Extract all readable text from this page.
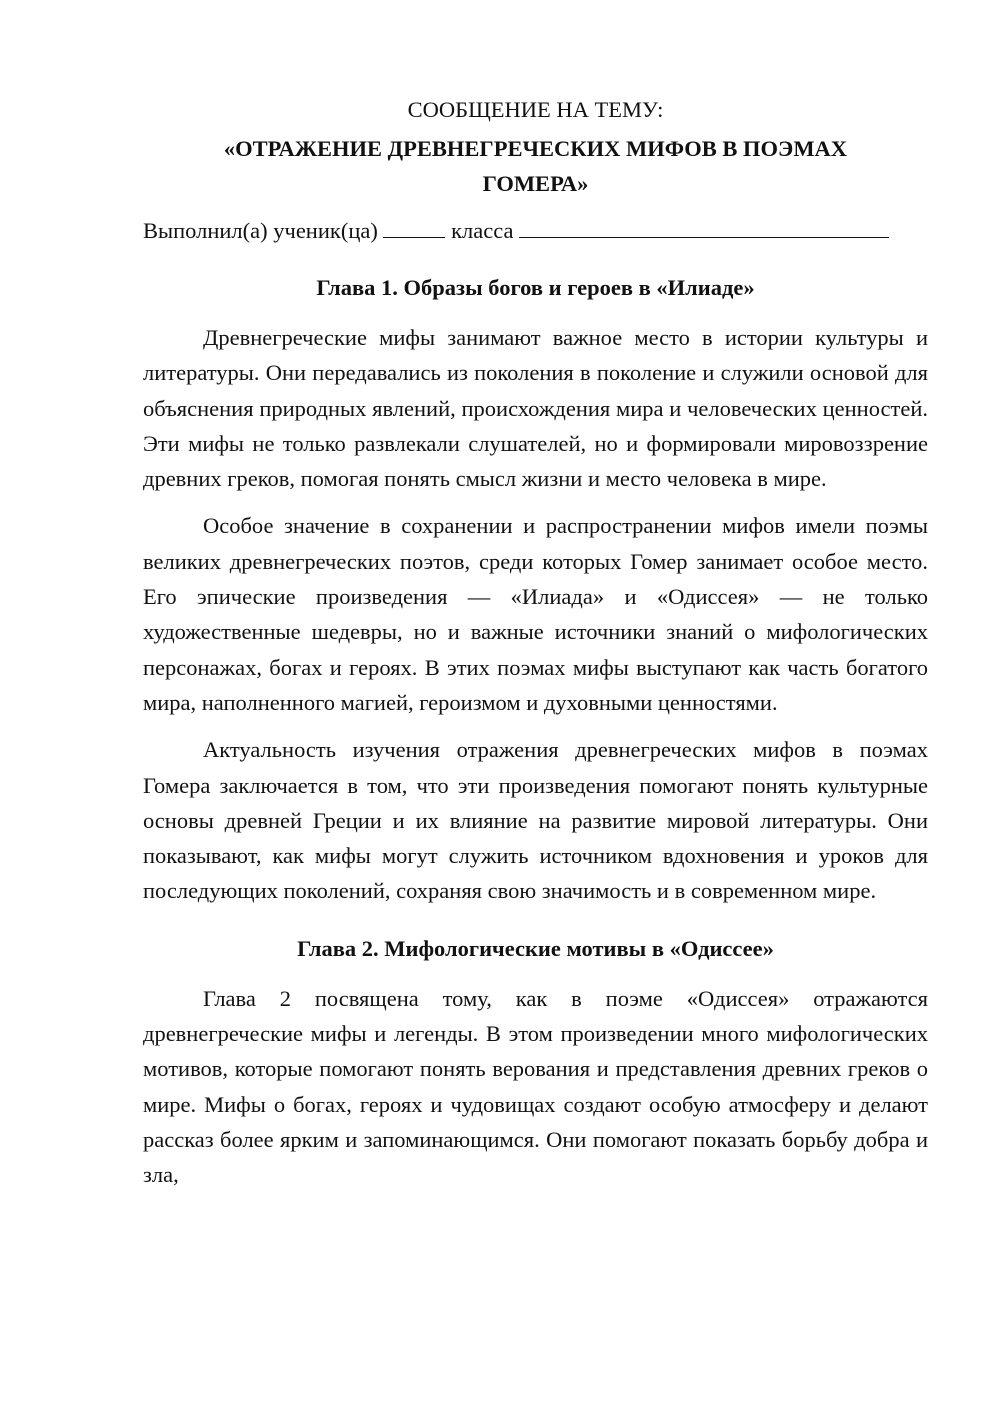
СООБЩЕНИЕ НА ТЕМУ:

«ОТРАЖЕНИЕ ДРЕВНЕГРЕЧЕСКИХ МИФОВ В ПОЭМАХ
ГОМЕРА»

Выполнил(а) ученик(ца)	класса

Глава 1. Образы богов и героев в «Илиаде»

Древнегреческие мифы занимают важное место в истории культуры и литературы. Они передавались из поколения в поколение и служили основой для объяснения природных явлений, происхождения мира и человеческих ценностей. Эти мифы не только развлекали слушателей, но и формировали мировоззрение древних греков, помогая понять смысл жизни и место человека в мире.

Особое значение в сохранении и распространении мифов имели поэмы великих древнегреческих поэтов, среди которых Гомер занимает особое место. Его эпические произведения — «Илиада» и «Одиссея» — не только художественные шедевры, но и важные источники знаний о мифологических персонажах, богах и героях. В этих поэмах мифы выступают как часть богатого мира, наполненного магией, героизмом и духовными ценностями.

Актуальность изучения отражения древнегреческих мифов в поэмах Гомера заключается в том, что эти произведения помогают понять культурные основы древней Греции и их влияние на развитие мировой литературы. Они показывают, как мифы могут служить источником вдохновения и уроков для последующих поколений, сохраняя свою значимость и в современном мире.

Глава 2. Мифологические мотивы в «Одиссее»

Глава 2 посвящена тому, как в поэме «Одиссея» отражаются древнегреческие мифы и легенды. В этом произведении много мифологических мотивов, которые помогают понять верования и представления древних греков о мире. Мифы о богах, героях и чудовищах создают особую атмосферу и делают рассказ более ярким и запоминающимся. Они помогают показать борьбу добра и зла,
